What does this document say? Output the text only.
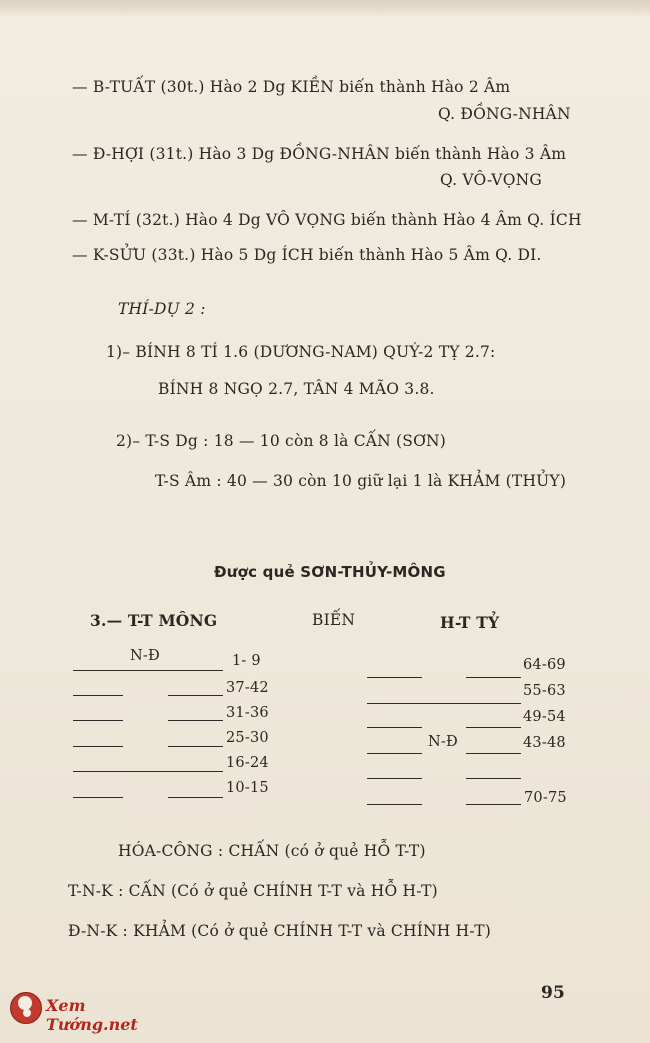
— B-TUẤT (30t.) Hào 2 Dg KIỀN biến thành Hào 2 Âm
Q. ĐỒNG-NHÂN
— Đ-HỢI (31t.) Hào 3 Dg ĐỒNG-NHÂN biến thành Hào 3 Âm
Q. VÔ-VỌNG
— M-TÍ (32t.) Hào 4 Dg VÔ VỌNG biến thành Hào 4 Âm Q. ÍCH
— K-SỬU (33t.) Hào 5 Dg ÍCH biến thành Hào 5 Âm Q. DI.
THÍ-DỤ 2 :
1)– BÍNH 8 TÍ 1.6 (DƯƠNG-NAM) QUÝ-2 TỴ 2.7:
BÍNH 8 NGỌ 2.7, TÂN 4 MÃO 3.8.
2)– T-S Dg : 18 — 10 còn 8 là CẤN (SƠN)
T-S Âm : 40 — 30 còn 10 giữ lại 1 là KHẢM (THỦY)
Được quẻ SƠN-THỦY-MÔNG
3.— T-T MÔNG	BIẾN	H-T TỶ
N-Đ
N-Đ
1- 9
37-42
31-36
25-30
16-24
10-15
64-69
55-63
49-54
43-48
70-75
HÓA-CÔNG : CHẤN (có ở quẻ HỖ T-T)
T-N-K : CẤN (Có ở quẻ CHÍNH T-T và HỖ H-T)
Đ-N-K : KHẢM (Có ở quẻ CHÍNH T-T và CHÍNH H-T)
95
Xem Tướng.net
